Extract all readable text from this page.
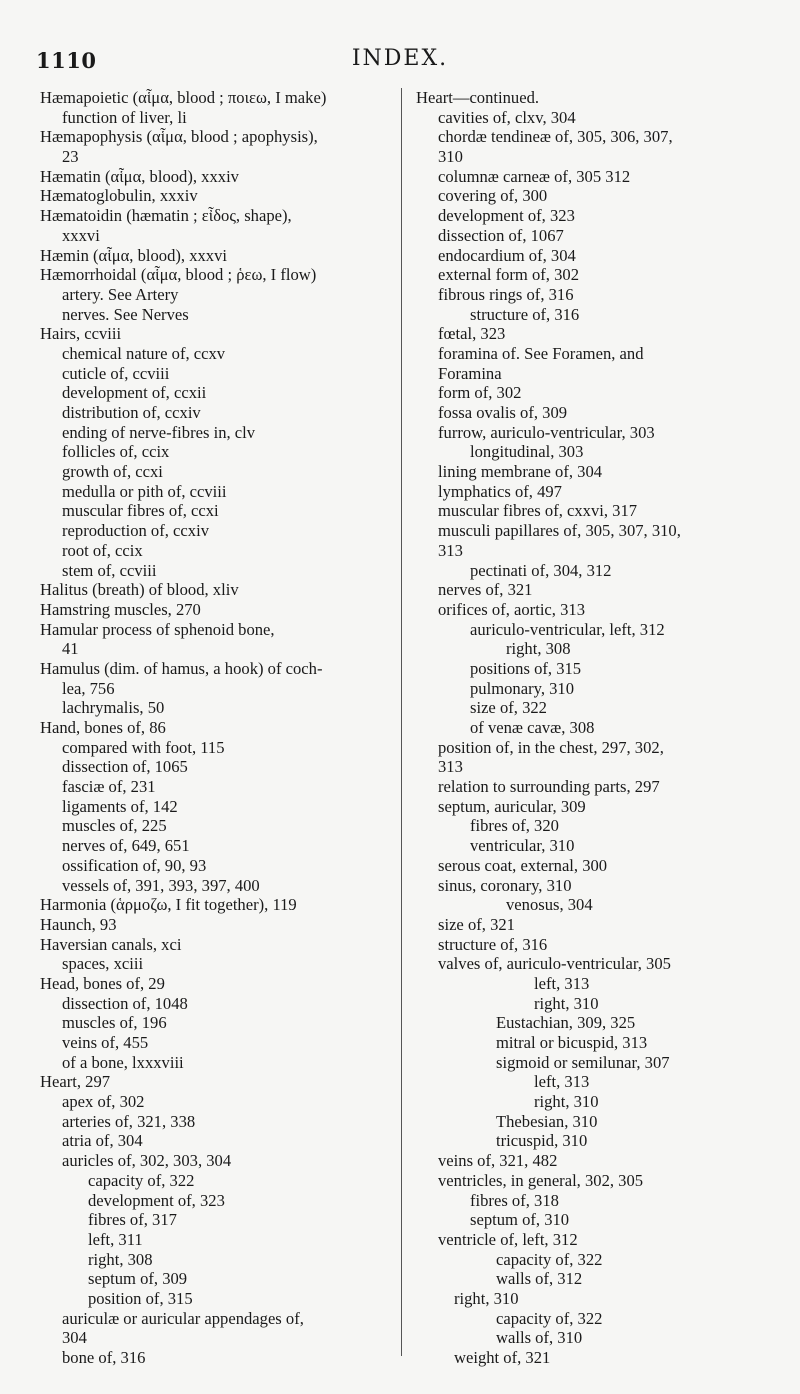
1110	INDEX.
Hæmapoietic (αἷμα, blood ; ποιεω, I make)
function of liver, li
Hæmapophysis (αἷμα, blood ; apophysis),
23
Hæmatin (αἷμα, blood), xxxiv
Hæmatoglobulin, xxxiv
Hæmatoidin (hæmatin ; εἶδος, shape),
xxxvi
Hæmin (αἷμα, blood), xxxvi
Hæmorrhoidal (αἷμα, blood ; ῥεω, I flow)
artery. See Artery
nerves. See Nerves
Hairs, ccviii
chemical nature of, ccxv
cuticle of, ccviii
development of, ccxii
distribution of, ccxiv
ending of nerve-fibres in, clv
follicles of, ccix
growth of, ccxi
medulla or pith of, ccviii
muscular fibres of, ccxi
reproduction of, ccxiv
root of, ccix
stem of, ccviii
Halitus (breath) of blood, xliv
Hamstring muscles, 270
Hamular process of sphenoid bone,
41
Hamulus (dim. of hamus, a hook) of coch-
lea, 756
lachrymalis, 50
Hand, bones of, 86
compared with foot, 115
dissection of, 1065
fasciæ of, 231
ligaments of, 142
muscles of, 225
nerves of, 649, 651
ossification of, 90, 93
vessels of, 391, 393, 397, 400
Harmonia (ἁρμοζω, I fit together), 119
Haunch, 93
Haversian canals, xci
spaces, xciii
Head, bones of, 29
dissection of, 1048
muscles of, 196
veins of, 455
of a bone, lxxxviii
Heart, 297
apex of, 302
arteries of, 321, 338
atria of, 304
auricles of, 302, 303, 304
capacity of, 322
development of, 323
fibres of, 317
left, 311
right, 308
septum of, 309
position of, 315
auriculæ or auricular appendages of,
304
bone of, 316
Heart—continued.
cavities of, clxv, 304
chordæ tendineæ of, 305, 306, 307,
310
columnæ carneæ of, 305 312
covering of, 300
development of, 323
dissection of, 1067
endocardium of, 304
external form of, 302
fibrous rings of, 316
structure of, 316
fœtal, 323
foramina of. See Foramen, and
Foramina
form of, 302
fossa ovalis of, 309
furrow, auriculo-ventricular, 303
longitudinal, 303
lining membrane of, 304
lymphatics of, 497
muscular fibres of, cxxvi, 317
musculi papillares of, 305, 307, 310,
313
pectinati of, 304, 312
nerves of, 321
orifices of, aortic, 313
auriculo-ventricular, left, 312
right, 308
positions of, 315
pulmonary, 310
size of, 322
of venæ cavæ, 308
position of, in the chest, 297, 302,
313
relation to surrounding parts, 297
septum, auricular, 309
fibres of, 320
ventricular, 310
serous coat, external, 300
sinus, coronary, 310
venosus, 304
size of, 321
structure of, 316
valves of, auriculo-ventricular, 305
left, 313
right, 310
Eustachian, 309, 325
mitral or bicuspid, 313
sigmoid or semilunar, 307
left, 313
right, 310
Thebesian, 310
tricuspid, 310
veins of, 321, 482
ventricles, in general, 302, 305
fibres of, 318
septum of, 310
ventricle of, left, 312
capacity of, 322
walls of, 312
right, 310
capacity of, 322
walls of, 310
weight of, 321
